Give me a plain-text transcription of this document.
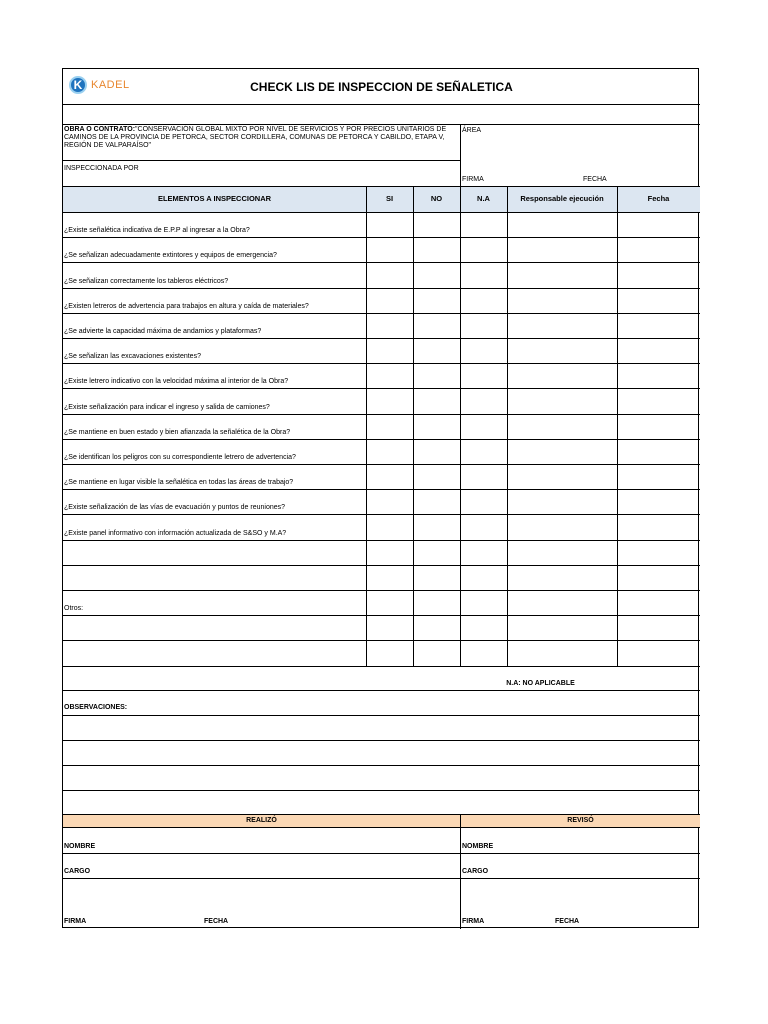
K KADEL	CHECK LIS DE INSPECCION DE SEÑALETICA
OBRA O CONTRATO:"CONSERVACIÓN GLOBAL MIXTO POR NIVEL DE SERVICIOS Y POR PRECIOS UNITARIOS DE CAMINOS DE LA PROVINCIA DE PETORCA, SECTOR CORDILLERA, COMUNAS DE PETORCA Y CABILDO, ETAPA V, REGIÓN DE VALPARAÍSO"
ÁREA
INSPECCIONADA POR
FIRMA	FECHA
ELEMENTOS A INSPECCIONAR	SI	NO	N.A	Responsable ejecución	Fecha
¿Existe señalética indicativa de E.P.P al ingresar a la Obra?
¿Se señalizan adecuadamente extintores y equipos de emergencia?
¿Se señalizan correctamente los tableros eléctricos?
¿Existen letreros de advertencia para trabajos en altura y caída de materiales?
¿Se advierte la capacidad máxima de andamios y plataformas?
¿Se señalizan las excavaciones existentes?
¿Existe letrero indicativo con la velocidad máxima al interior de la Obra?
¿Existe señalización para indicar el ingreso y salida de camiones?
¿Se mantiene en buen estado y bien afianzada la señalética de la Obra?
¿Se identifican los peligros con su correspondiente letrero de advertencia?
¿Se mantiene en lugar visible la señalética en todas las áreas de trabajo?
¿Existe señalización de las vías de evacuación y puntos de reuniones?
¿Existe panel informativo con información actualizada de S&SO y M.A?
Otros:
N.A: NO APLICABLE
OBSERVACIONES:
REALIZÓ	REVISÓ
NOMBRE	NOMBRE
CARGO	CARGO
FIRMA	FECHA	FIRMA	FECHA
